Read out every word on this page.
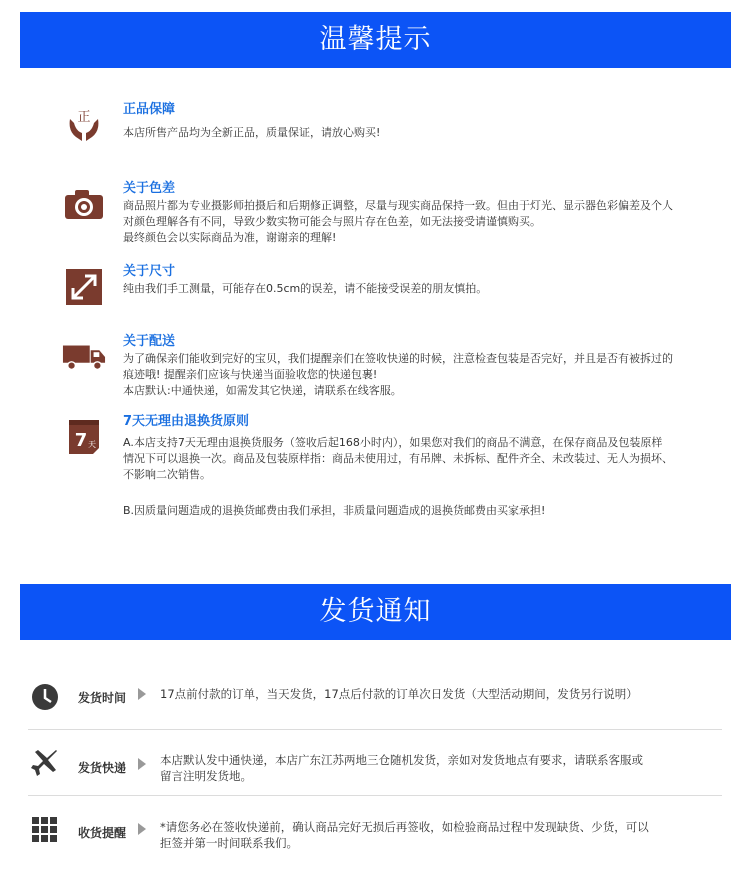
温馨提示
正
正品保障
本店所售产品均为全新正品，质量保证，请放心购买!
关于色差
商品照片都为专业摄影师拍摄后和后期修正调整，尽量与现实商品保持一致。但由于灯光、显示器色彩偏差及个人
对颜色理解各有不同，导致少数实物可能会与照片存在色差，如无法接受请谨慎购买。
最终颜色会以实际商品为准，谢谢亲的理解!
关于尺寸
纯由我们手工测量，可能存在0.5cm的误差，请不能接受误差的朋友慎拍。
关于配送
为了确保亲们能收到完好的宝贝，我们提醒亲们在签收快递的时候，注意检查包装是否完好，并且是否有被拆过的
痕迹哦! 提醒亲们应该与快递当面验收您的快递包裹!
本店默认:中通快递，如需发其它快递，请联系在线客服。
7 天
7天无理由退换货原则
A.本店支持7天无理由退换货服务（签收后起168小时内），如果您对我们的商品不满意，在保存商品及包装原样
情况下可以退换一次。商品及包装原样指：商品未使用过，有吊牌、未拆标、配件齐全、未改装过、无人为损坏、
不影响二次销售。
B.因质量问题造成的退换货邮费由我们承担，非质量问题造成的退换货邮费由买家承担!
发货通知
发货时间	17点前付款的订单，当天发货，17点后付款的订单次日发货（大型活动期间，发货另行说明）
发货快递
本店默认发中通快递，本店广东江苏两地三仓随机发货，亲如对发货地点有要求，请联系客服或
留言注明发货地。
收货提醒	*请您务必在签收快递前，确认商品完好无损后再签收，如检验商品过程中发现缺货、少货，可以
拒签并第一时间联系我们。
